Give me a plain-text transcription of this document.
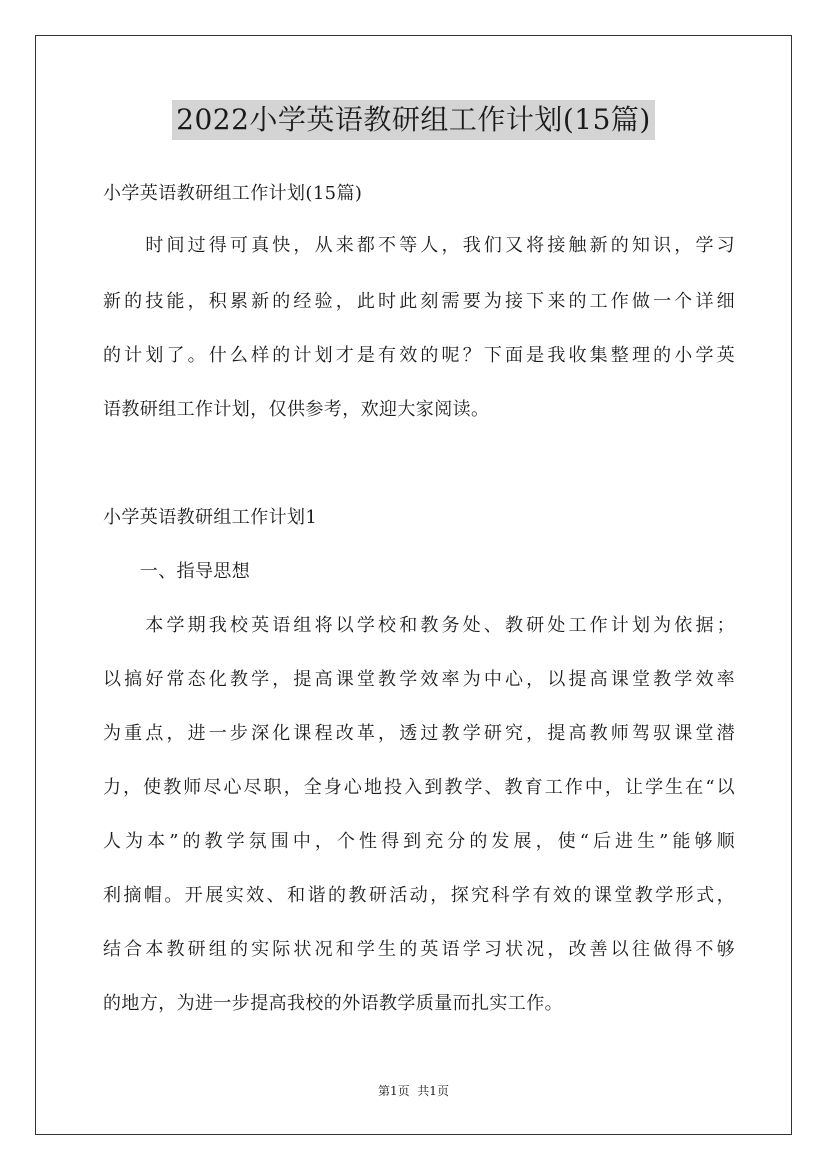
2022小学英语教研组工作计划(15篇)
小学英语教研组工作计划(15篇)
　　时间过得可真快，从来都不等人，我们又将接触新的知识，学习
新的技能，积累新的经验，此时此刻需要为接下来的工作做一个详细
的计划了。什么样的计划才是有效的呢？下面是我收集整理的小学英
语教研组工作计划，仅供参考，欢迎大家阅读。
小学英语教研组工作计划1
　　一、指导思想
　　本学期我校英语组将以学校和教务处、教研处工作计划为依据；
以搞好常态化教学，提高课堂教学效率为中心，以提高课堂教学效率
为重点，进一步深化课程改革，透过教学研究，提高教师驾驭课堂潜
力，使教师尽心尽职，全身心地投入到教学、教育工作中，让学生在“以
人为本”的教学氛围中，个性得到充分的发展，使“后进生”能够顺
利摘帽。开展实效、和谐的教研活动，探究科学有效的课堂教学形式，
结合本教研组的实际状况和学生的英语学习状况，改善以往做得不够
的地方，为进一步提高我校的外语教学质量而扎实工作。
第1页  共1页
